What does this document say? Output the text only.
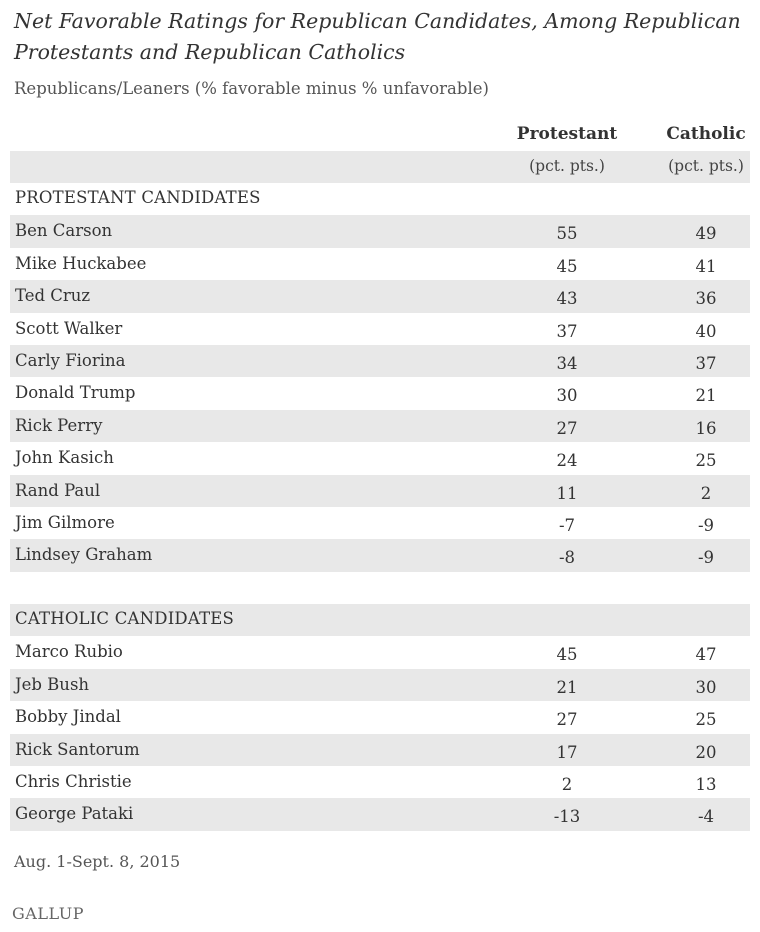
Net Favorable Ratings for Republican Candidates, Among Republican Protestants and Republican Catholics
Republicans/Leaners (% favorable minus % unfavorable)
Protestant	Catholic
(pct. pts.)	(pct. pts.)
PROTESTANT CANDIDATES
Ben Carson	55	49
Mike Huckabee	45	41
Ted Cruz	43	36
Scott Walker	37	40
Carly Fiorina	34	37
Donald Trump	30	21
Rick Perry	27	16
John Kasich	24	25
Rand Paul	11	2
Jim Gilmore	-7	-9
Lindsey Graham	-8	-9
CATHOLIC CANDIDATES
Marco Rubio	45	47
Jeb Bush	21	30
Bobby Jindal	27	25
Rick Santorum	17	20
Chris Christie	2	13
George Pataki	-13	-4
Aug. 1-Sept. 8, 2015
GALLUP
